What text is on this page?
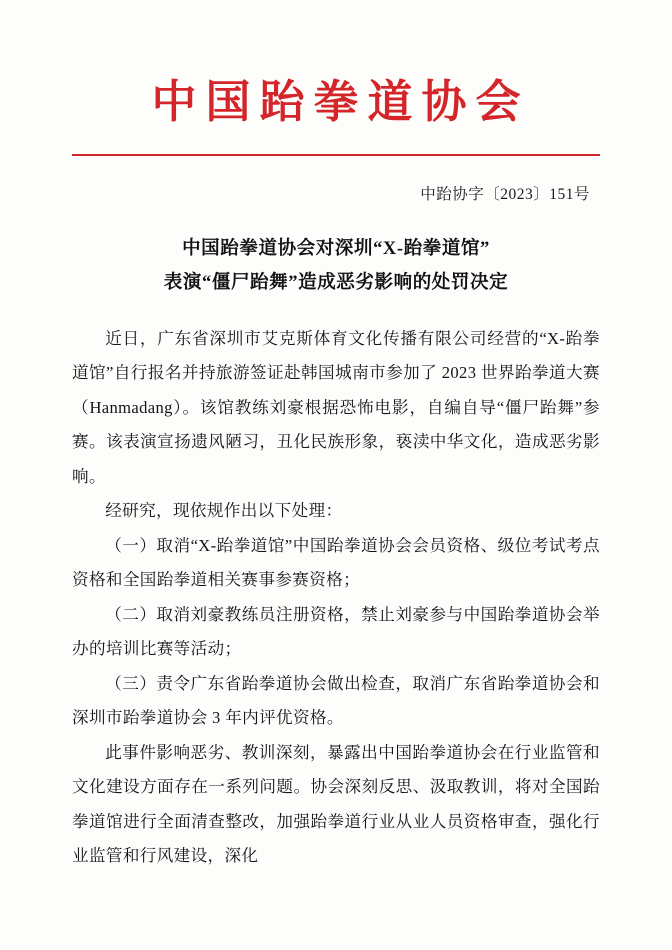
中国跆拳道协会
中跆协字〔2023〕151号
中国跆拳道协会对深圳“X-跆拳道馆”
表演“僵尸跆舞”造成恶劣影响的处罚决定

近日，广东省深圳市艾克斯体育文化传播有限公司经营的“X-跆拳道馆”自行报名并持旅游签证赴韩国城南市参加了 2023 世界跆拳道大赛（Hanmadang）。该馆教练刘豪根据恐怖电影，自编自导“僵尸跆舞”参赛。该表演宣扬遗风陋习，丑化民族形象，亵渎中华文化，造成恶劣影响。

经研究，现依规作出以下处理：

（一）取消“X-跆拳道馆”中国跆拳道协会会员资格、级位考试考点资格和全国跆拳道相关赛事参赛资格；

（二）取消刘豪教练员注册资格，禁止刘豪参与中国跆拳道协会举办的培训比赛等活动；

（三）责令广东省跆拳道协会做出检查，取消广东省跆拳道协会和深圳市跆拳道协会 3 年内评优资格。

此事件影响恶劣、教训深刻，暴露出中国跆拳道协会在行业监管和文化建设方面存在一系列问题。协会深刻反思、汲取教训，将对全国跆拳道馆进行全面清查整改，加强跆拳道行业从业人员资格审查，强化行业监管和行风建设，深化
